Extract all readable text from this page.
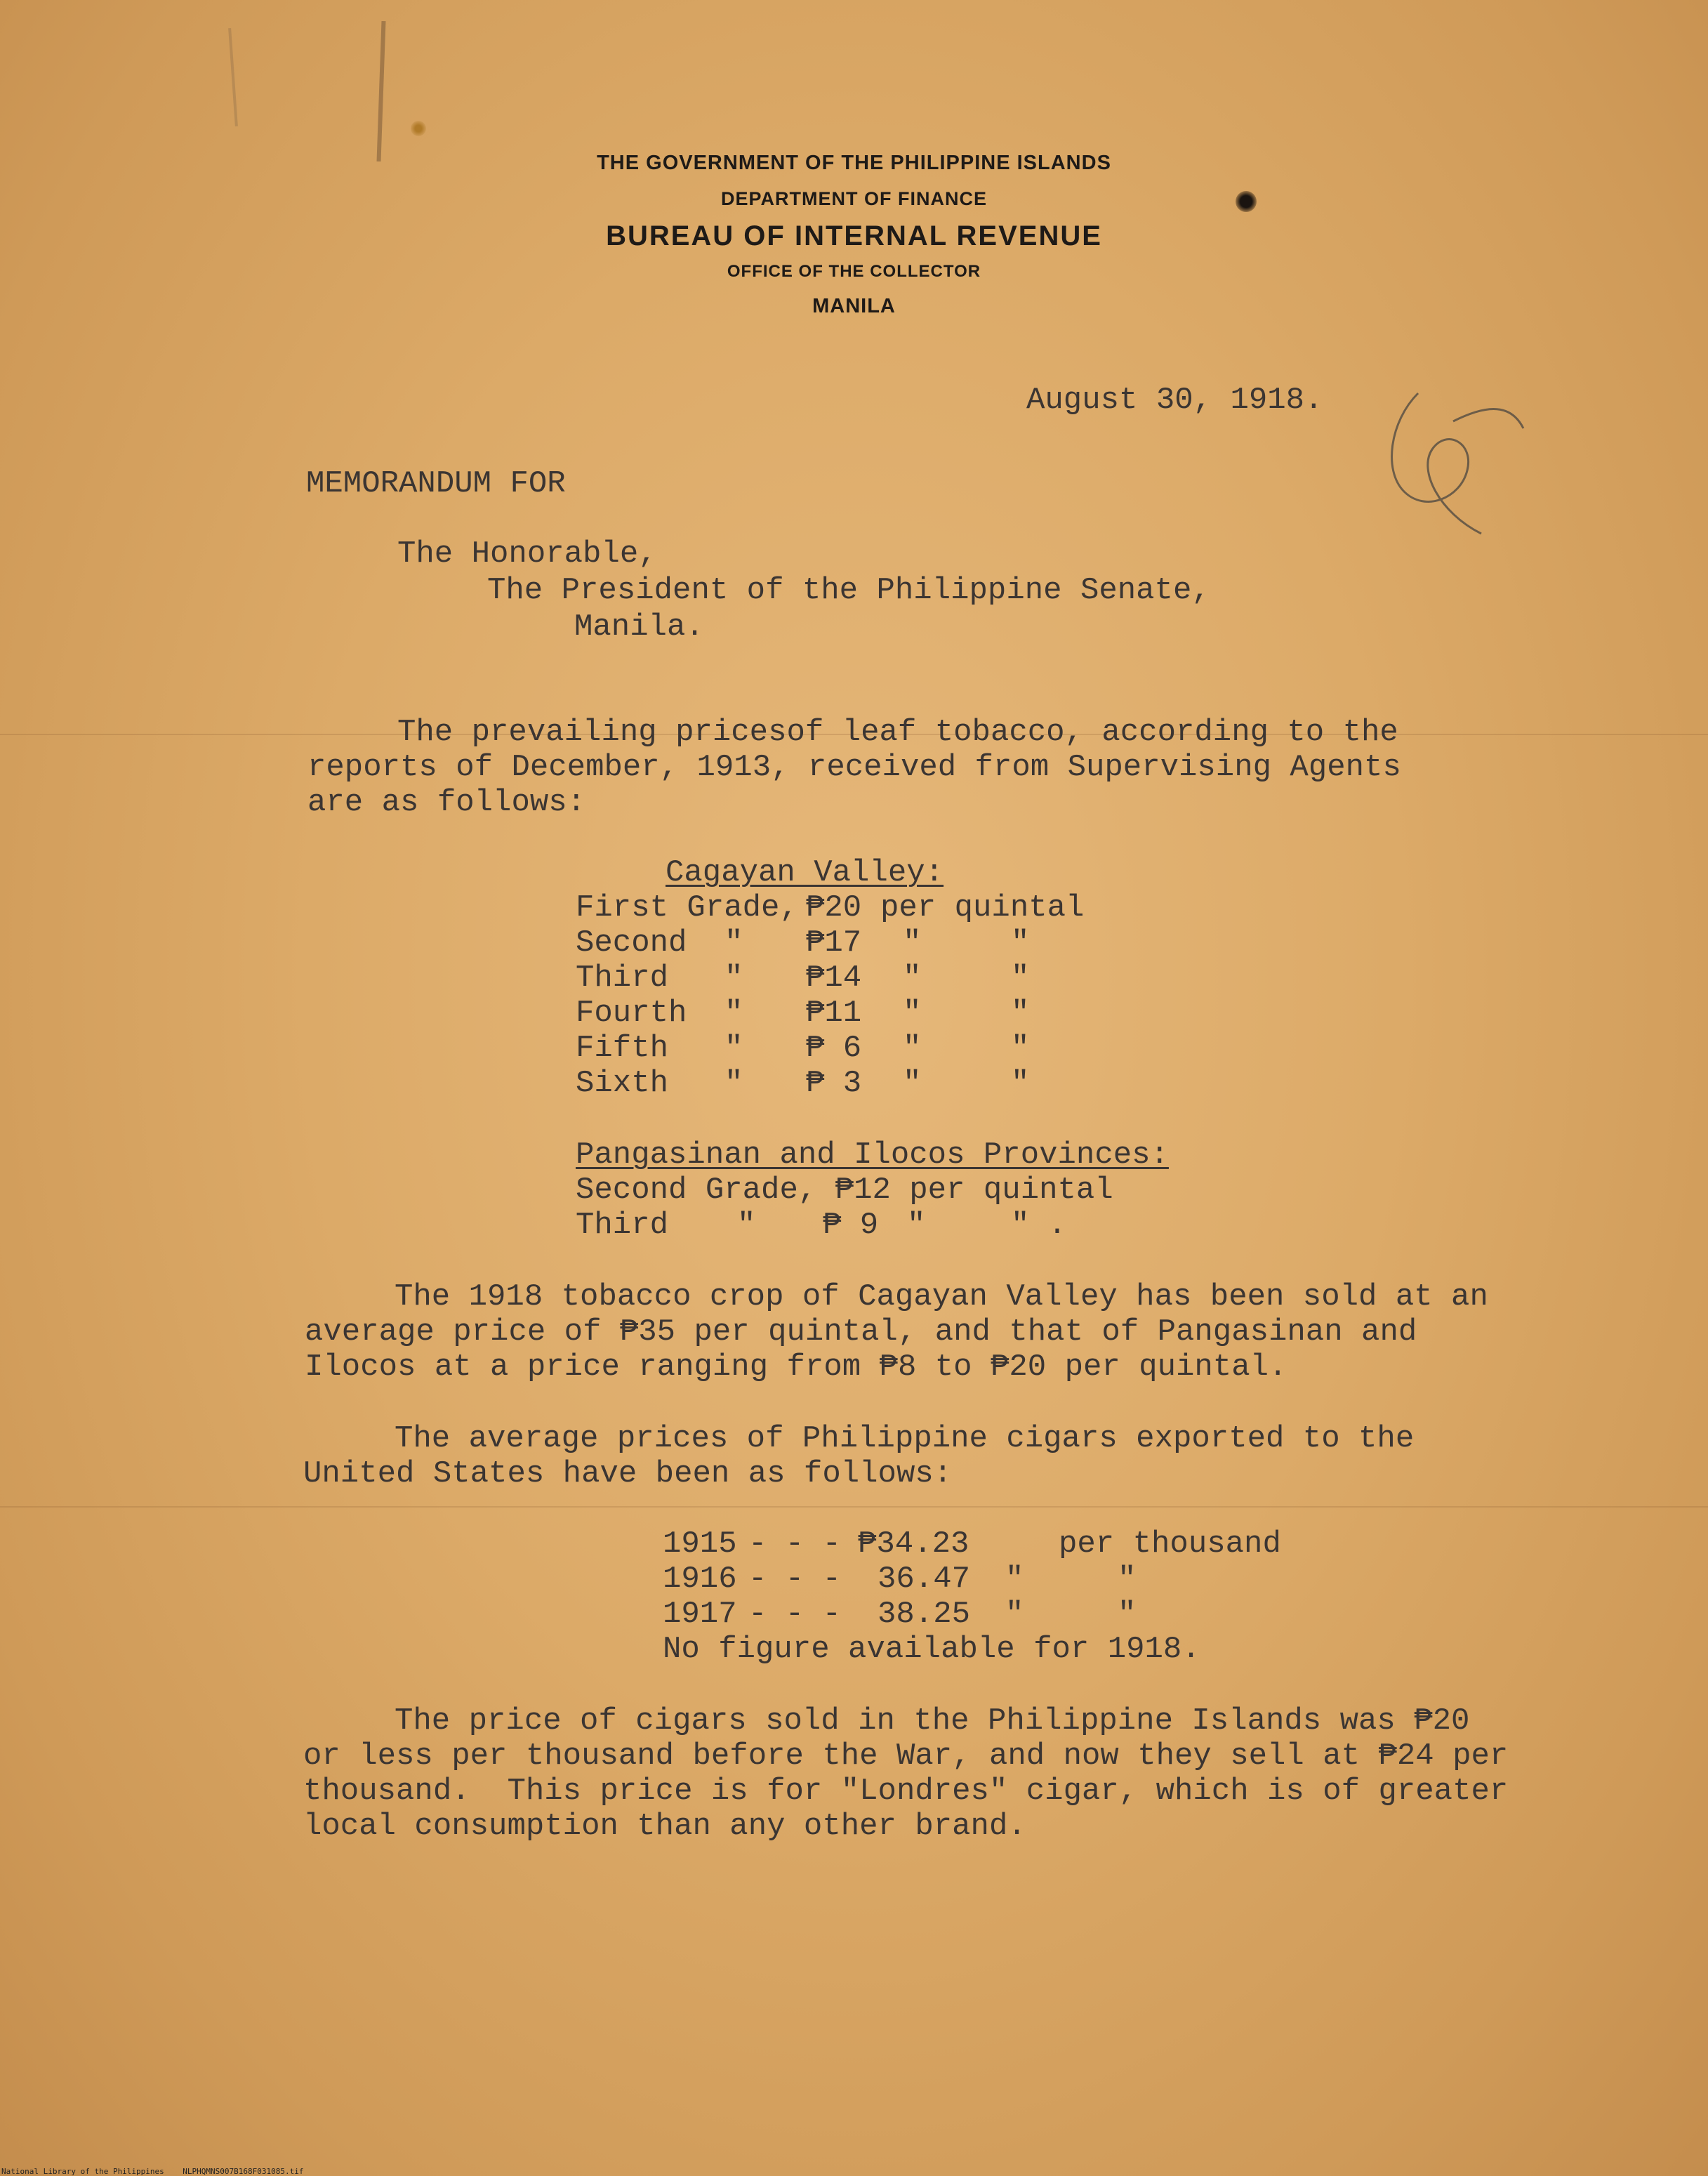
THE GOVERNMENT OF THE PHILIPPINE ISLANDS
DEPARTMENT OF FINANCE
BUREAU OF INTERNAL REVENUE
OFFICE OF THE COLLECTOR
MANILA
August 30, 1918.
MEMORANDUM FOR
The Honorable,
The President of the Philippine Senate,
Manila.
The prevailing pricesof leaf tobacco, according to the
reports of December, 1913, received from Supervising Agents
are as follows:
Cagayan Valley:
First Grade, ₱20 per quintal
Second " ₱17 "	"
Third " ₱14 "	"
Fourth " ₱11 "	"
Fifth " ₱ 6 "	"
Sixth " ₱ 3 "	"
Pangasinan and Ilocos Provinces:
Second Grade, ₱12 per quintal
Third " ₱ 9 "	" .
The 1918 tobacco crop of Cagayan Valley has been sold at an
average price of ₱35 per quintal, and that of Pangasinan and
Ilocos at a price ranging from ₱8 to ₱20 per quintal.
The average prices of Philippine cigars exported to the
United States have been as follows:
1915 - - - ₱34.23	per thousand
1916 - - - 36.47 "	"
1917 - - - 38.25 "	"
No figure available for 1918.
The price of cigars sold in the Philippine Islands was ₱20
or less per thousand before the War, and now they sell at ₱24 per
thousand.  This price is for "Londres" cigar, which is of greater
local consumption than any other brand.
National Library of the Philippines    NLPHQMNS007B168F031085.tif
